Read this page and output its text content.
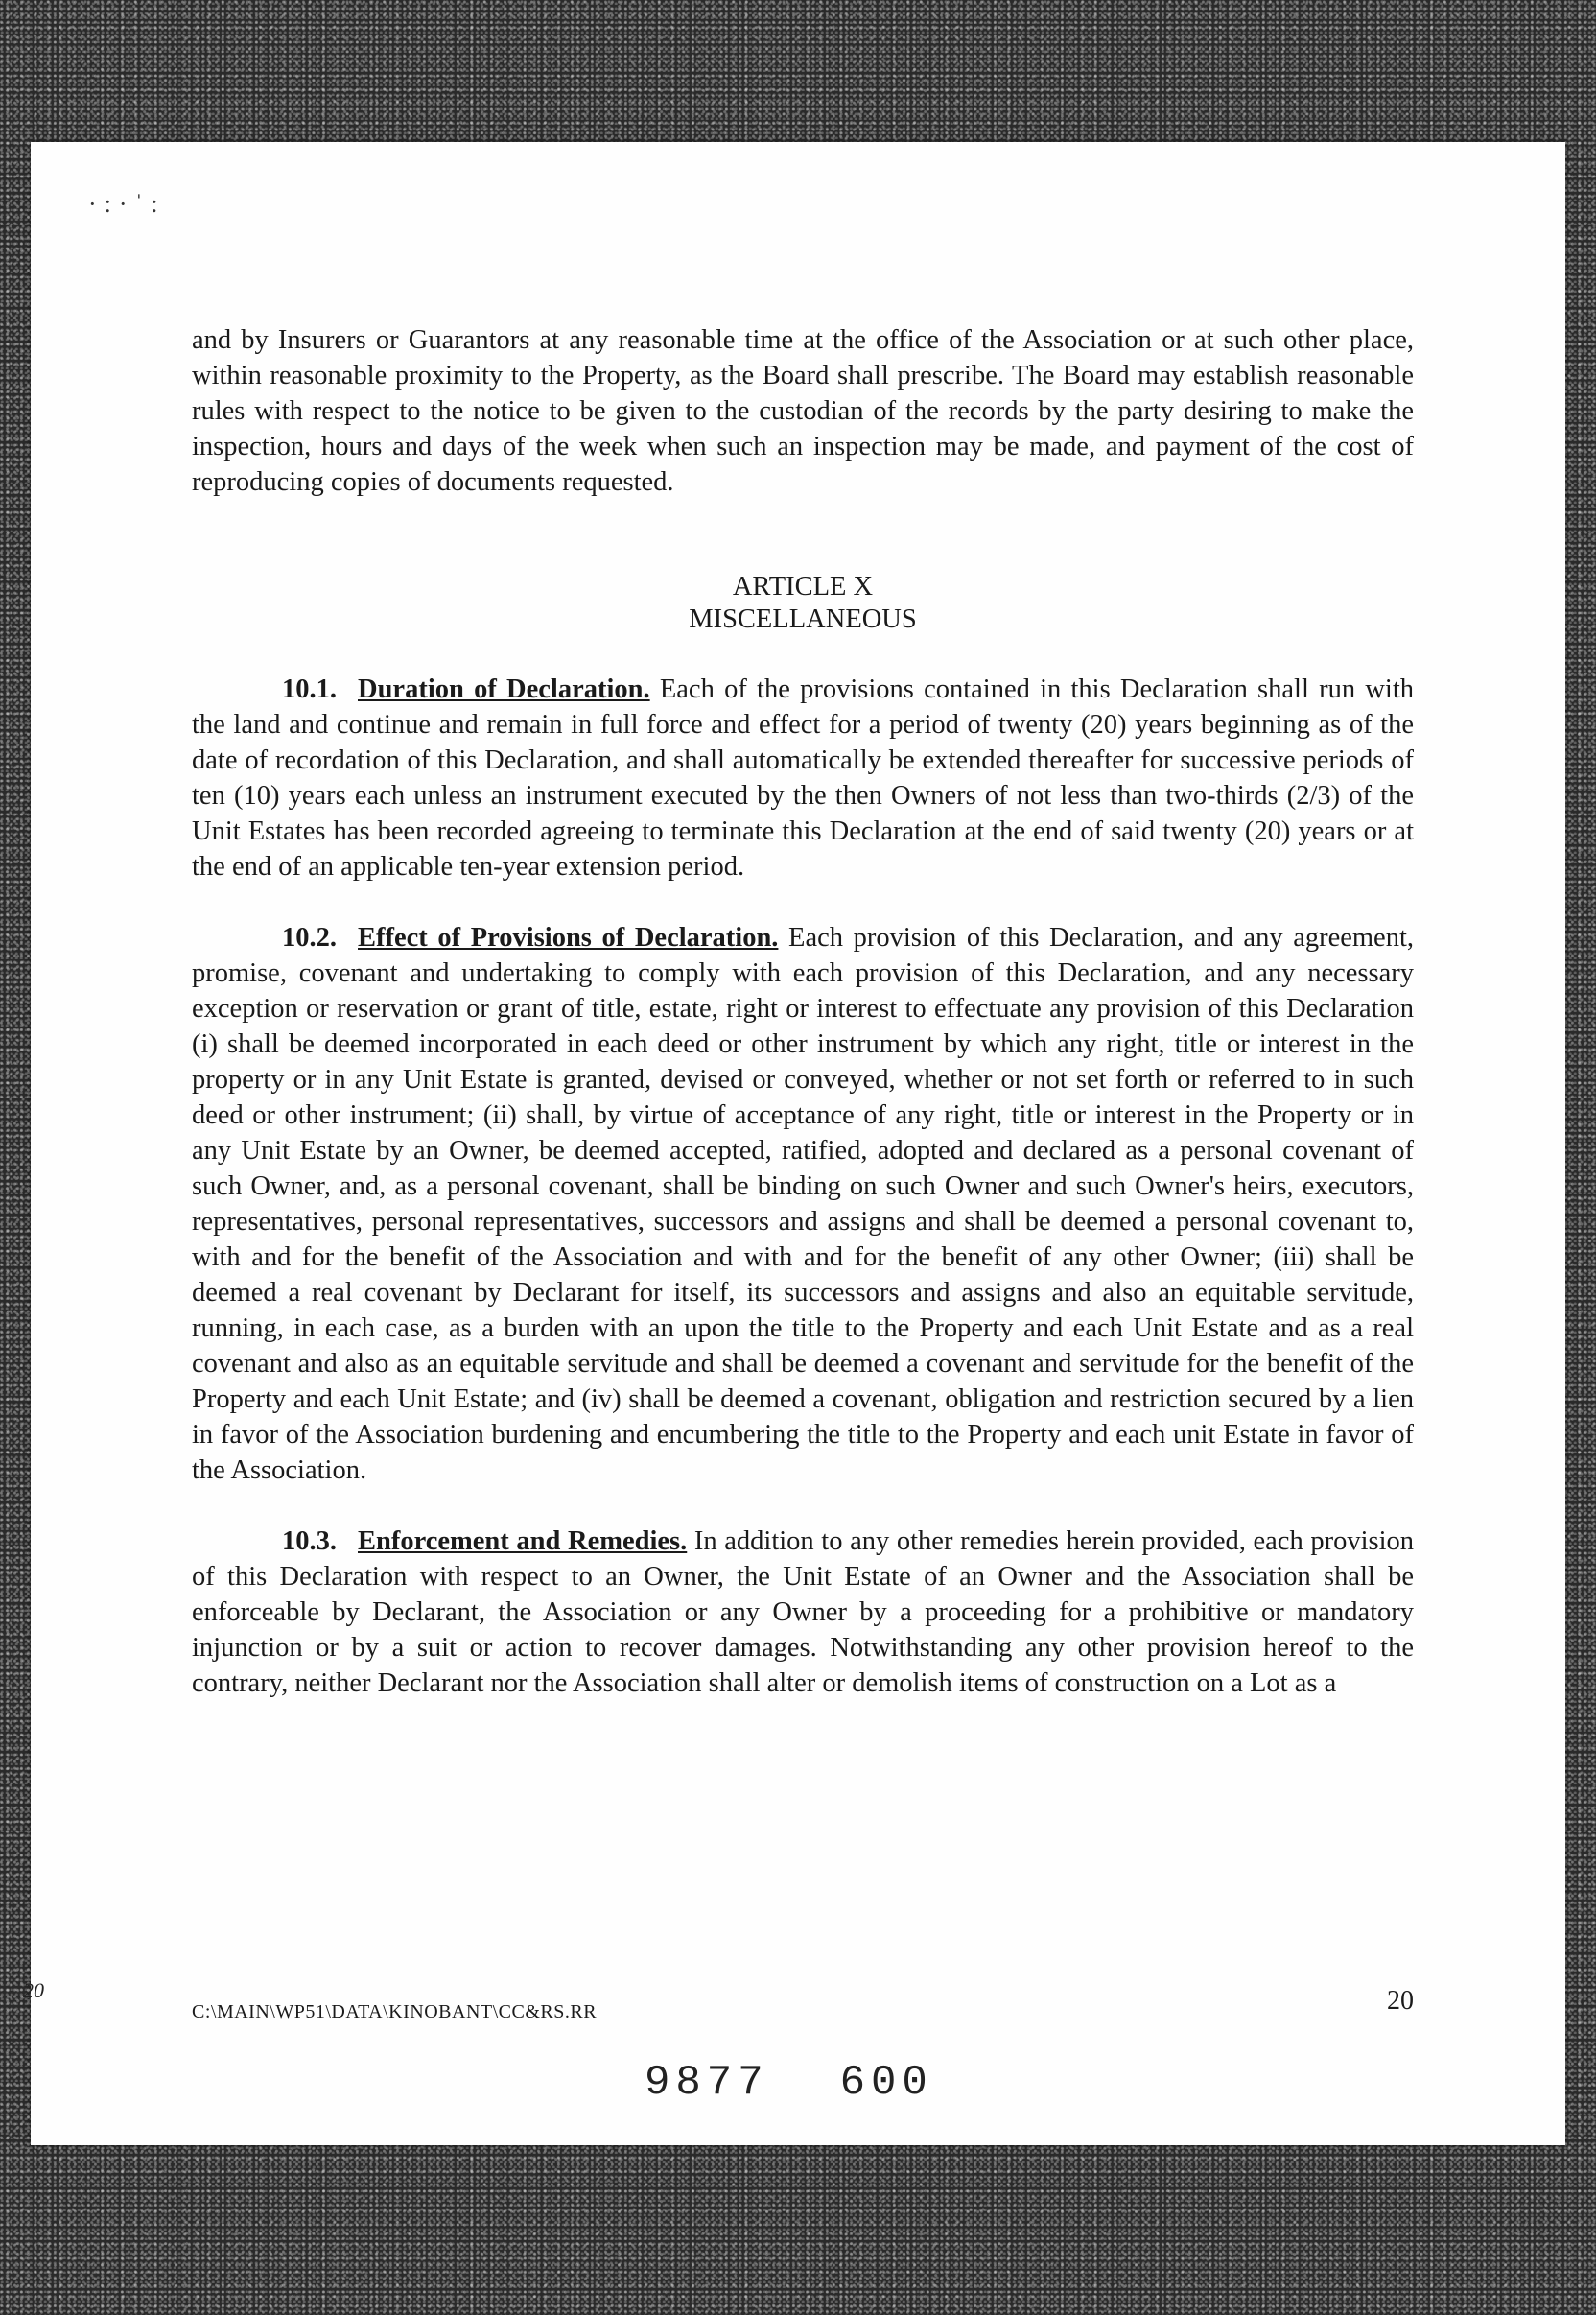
·:·ˈ:

and by Insurers or Guarantors at any reasonable time at the office of the Association or at such other place, within reasonable proximity to the Property, as the Board shall prescribe. The Board may establish reasonable rules with respect to the notice to be given to the custodian of the records by the party desiring to make the inspection, hours and days of the week when such an inspection may be made, and payment of the cost of reproducing copies of documents requested.

ARTICLE X
MISCELLANEOUS

10.1. Duration of Declaration. Each of the provisions contained in this Declaration shall run with the land and continue and remain in full force and effect for a period of twenty (20) years beginning as of the date of recordation of this Declaration, and shall automatically be extended thereafter for successive periods of ten (10) years each unless an instrument executed by the then Owners of not less than two-thirds (2/3) of the Unit Estates has been recorded agreeing to terminate this Declaration at the end of said twenty (20) years or at the end of an applicable ten-year extension period.

10.2. Effect of Provisions of Declaration. Each provision of this Declaration, and any agreement, promise, covenant and undertaking to comply with each provision of this Declaration, and any necessary exception or reservation or grant of title, estate, right or interest to effectuate any provision of this Declaration (i) shall be deemed incorporated in each deed or other instrument by which any right, title or interest in the property or in any Unit Estate is granted, devised or conveyed, whether or not set forth or referred to in such deed or other instrument; (ii) shall, by virtue of acceptance of any right, title or interest in the Property or in any Unit Estate by an Owner, be deemed accepted, ratified, adopted and declared as a personal covenant of such Owner, and, as a personal covenant, shall be binding on such Owner and such Owner's heirs, executors, representatives, personal representatives, successors and assigns and shall be deemed a personal covenant to, with and for the benefit of the Association and with and for the benefit of any other Owner; (iii) shall be deemed a real covenant by Declarant for itself, its successors and assigns and also an equitable servitude, running, in each case, as a burden with an upon the title to the Property and each Unit Estate and as a real covenant and also as an equitable servitude and shall be deemed a covenant and servitude for the benefit of the Property and each Unit Estate; and (iv) shall be deemed a covenant, obligation and restriction secured by a lien in favor of the Association burdening and encumbering the title to the Property and each unit Estate in favor of the Association.

10.3. Enforcement and Remedies. In addition to any other remedies herein provided, each provision of this Declaration with respect to an Owner, the Unit Estate of an Owner and the Association shall be enforceable by Declarant, the Association or any Owner by a proceeding for a prohibitive or mandatory injunction or by a suit or action to recover damages. Notwithstanding any other provision hereof to the contrary, neither Declarant nor the Association shall alter or demolish items of construction on a Lot as a

C:\MAIN\WP51\DATA\KINOBANT\CC&RS.RR	20
9877 600
20
